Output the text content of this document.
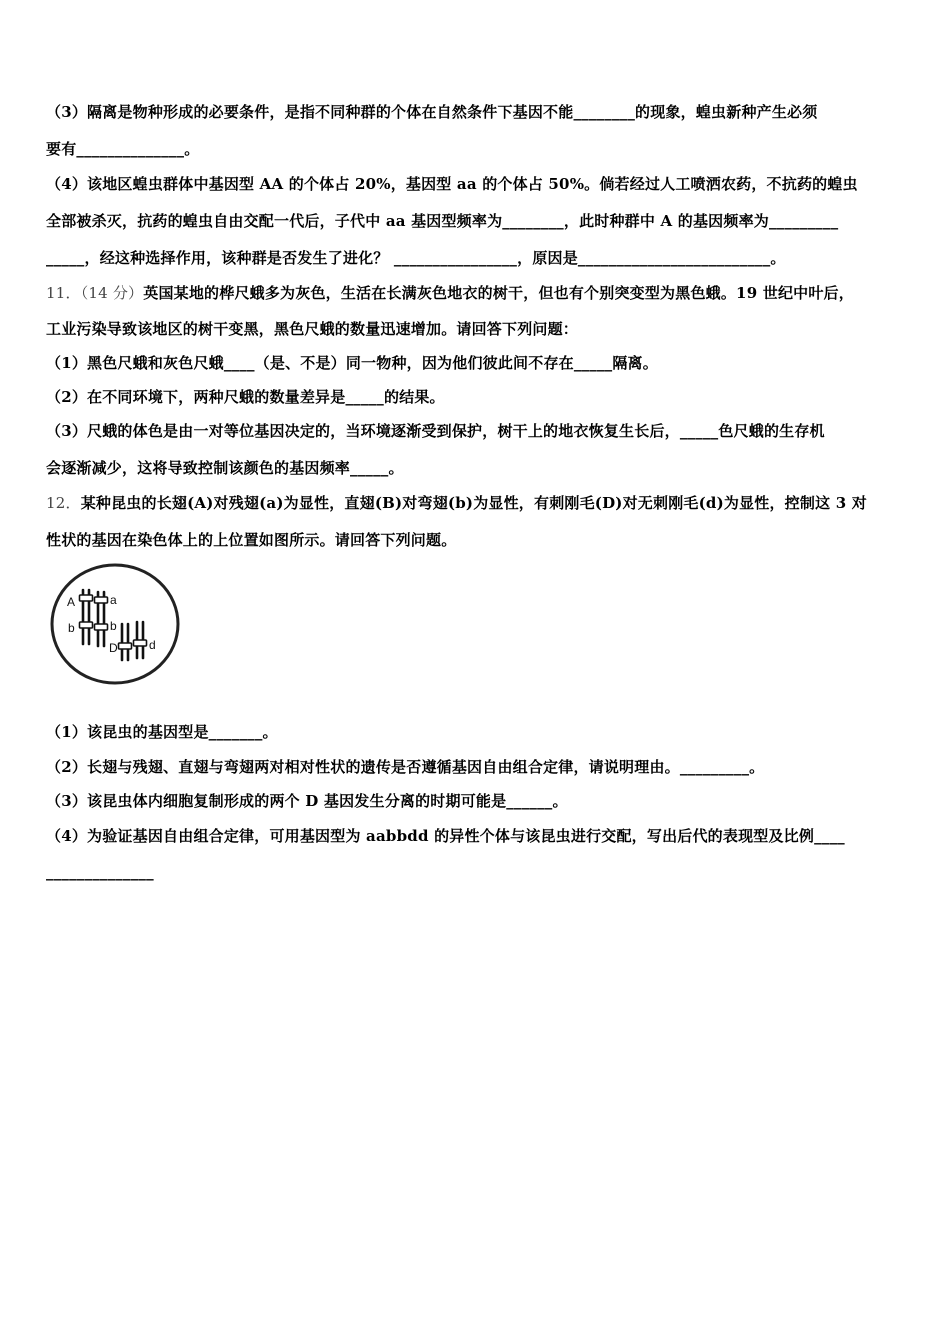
（3）隔离是物种形成的必要条件，是指不同种群的个体在自然条件下基因不能________的现象，蝗虫新种产生必须
要有______________。
（4）该地区蝗虫群体中基因型 AA 的个体占 20%，基因型 aa 的个体占 50%。倘若经过人工喷洒农药，不抗药的蝗虫
全部被杀灭，抗药的蝗虫自由交配一代后，子代中 aa 基因型频率为________，此时种群中 A 的基因频率为_________
_____，经这种选择作用，该种群是否发生了进化？ ________________，原因是_________________________。
11．（14 分）英国某地的桦尺蛾多为灰色，生活在长满灰色地衣的树干，但也有个别突变型为黑色蛾。19 世纪中叶后，
工业污染导致该地区的树干变黑，黑色尺蛾的数量迅速增加。请回答下列问题：
（1）黑色尺蛾和灰色尺蛾____（是、不是）同一物种，因为他们彼此间不存在_____隔离。
（2）在不同环境下，两种尺蛾的数量差异是_____的结果。
（3）尺蛾的体色是由一对等位基因决定的，当环境逐渐受到保护，树干上的地衣恢复生长后，_____色尺蛾的生存机
会逐渐减少，这将导致控制该颜色的基因频率_____。
12．某种昆虫的长翅(A)对残翅(a)为显性，直翅(B)对弯翅(b)为显性，有刺刚毛(D)对无刺刚毛(d)为显性，控制这 3 对
性状的基因在染色体上的上位置如图所示。请回答下列问题。
A	a
b	b
D	d
（1）该昆虫的基因型是_______。
（2）长翅与残翅、直翅与弯翅两对相对性状的遗传是否遵循基因自由组合定律，请说明理由。_________。
（3）该昆虫体内细胞复制形成的两个 D 基因发生分离的时期可能是______。
（4）为验证基因自由组合定律，可用基因型为 aabbdd 的异性个体与该昆虫进行交配，写出后代的表现型及比例____
______________
